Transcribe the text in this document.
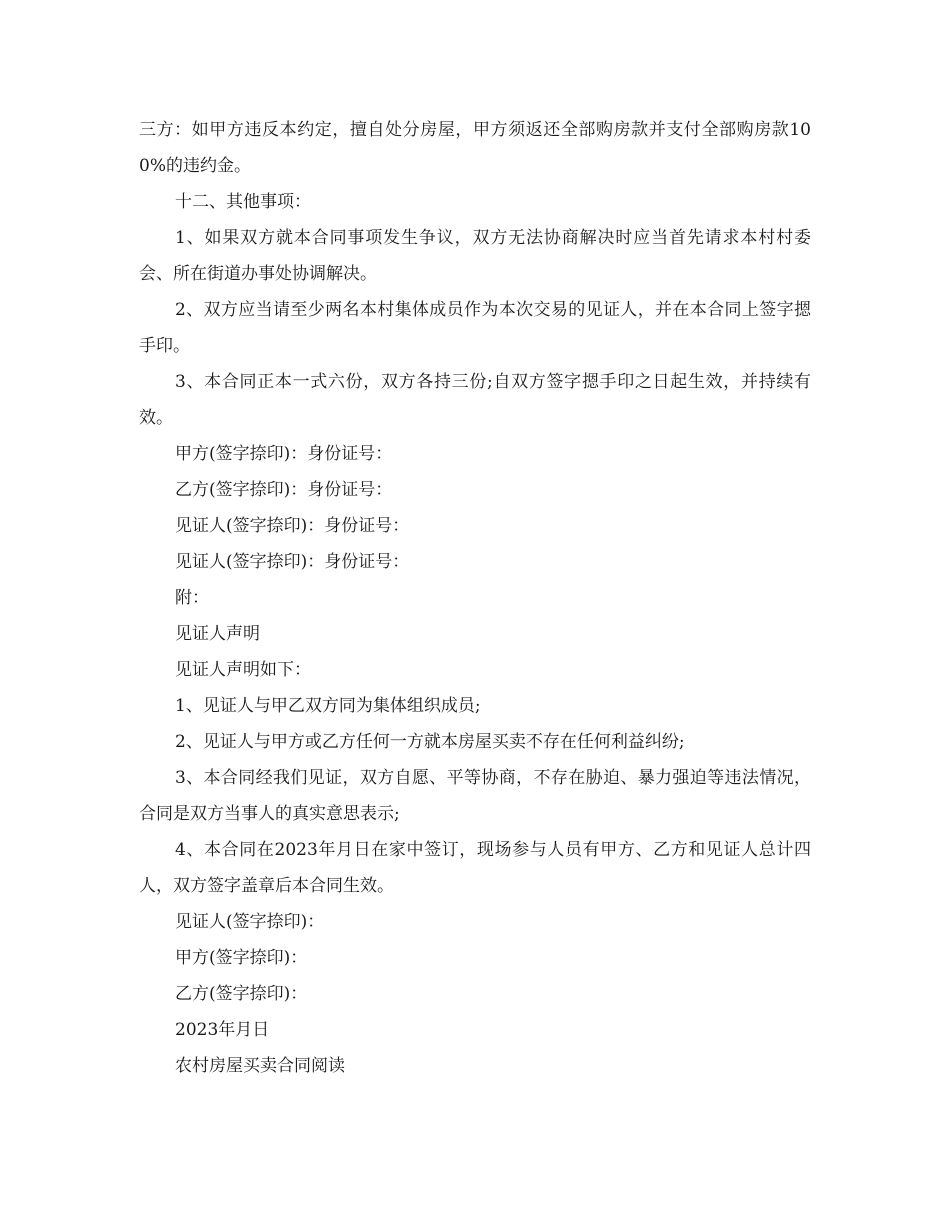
三方：如甲方违反本约定，擅自处分房屋，甲方须返还全部购房款并支付全部购房款100%的违约金。

十二、其他事项：

1、如果双方就本合同事项发生争议，双方无法协商解决时应当首先请求本村村委会、所在街道办事处协调解决。

2、双方应当请至少两名本村集体成员作为本次交易的见证人，并在本合同上签字摁手印。

3、本合同正本一式六份，双方各持三份;自双方签字摁手印之日起生效，并持续有效。

甲方(签字捺印)：身份证号：

乙方(签字捺印)：身份证号：

见证人(签字捺印)：身份证号：

见证人(签字捺印)：身份证号：

附：

见证人声明

见证人声明如下：

1、见证人与甲乙双方同为集体组织成员;

2、见证人与甲方或乙方任何一方就本房屋买卖不存在任何利益纠纷;

3、本合同经我们见证，双方自愿、平等协商，不存在胁迫、暴力强迫等违法情况，合同是双方当事人的真实意思表示;

4、本合同在2023年月日在家中签订，现场参与人员有甲方、乙方和见证人总计四人，双方签字盖章后本合同生效。

见证人(签字捺印)：

甲方(签字捺印)：

乙方(签字捺印)：

2023年月日

农村房屋买卖合同阅读
